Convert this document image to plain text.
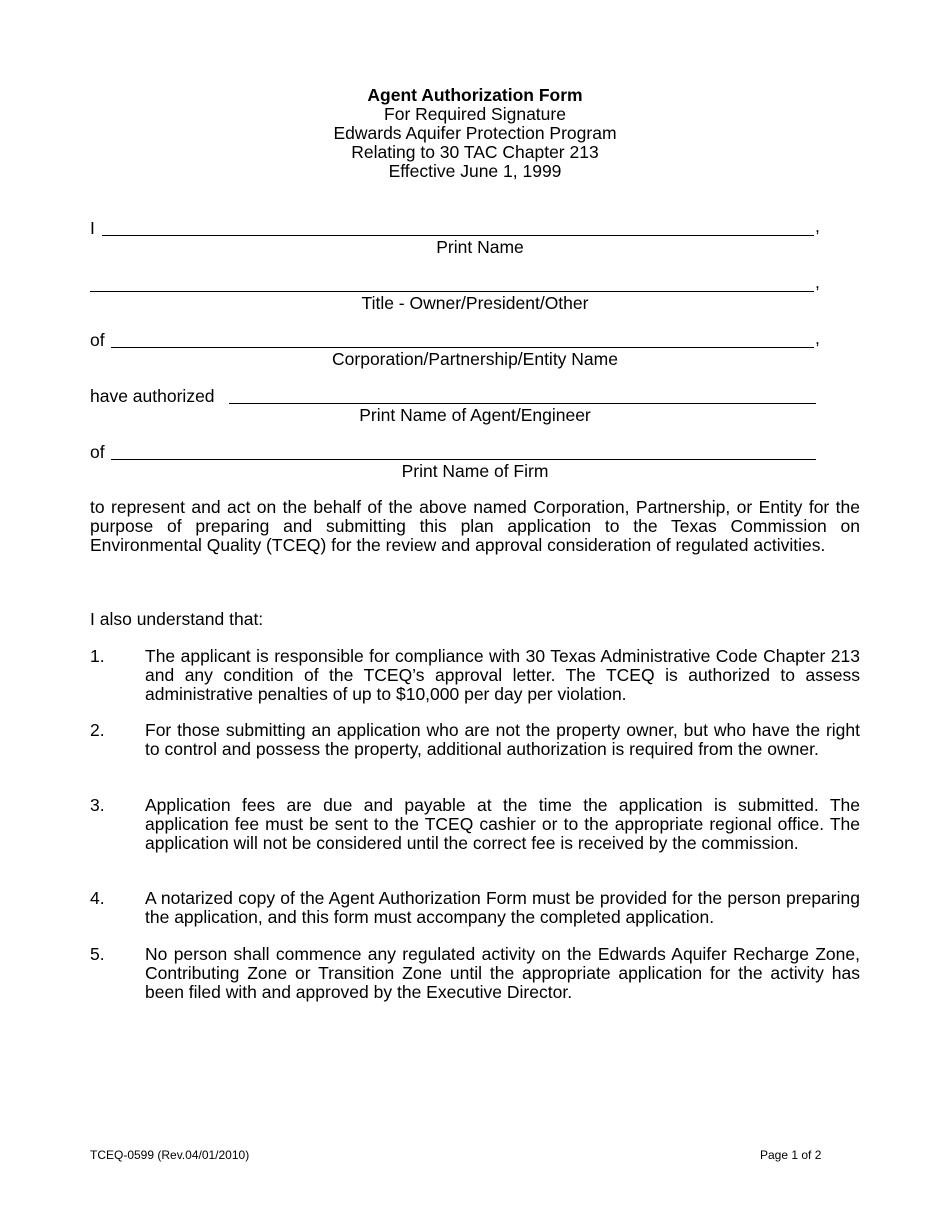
Agent Authorization Form
For Required Signature
Edwards Aquifer Protection Program
Relating to 30 TAC Chapter 213
Effective June 1, 1999
I	,
Print Name
,
Title - Owner/President/Other
of	,
Corporation/Partnership/Entity Name
have authorized
Print Name of Agent/Engineer
of
Print Name of Firm

to represent and act on the behalf of the above named Corporation, Partnership, or Entity for the purpose of preparing and submitting this plan application to the Texas Commission on Environmental Quality (TCEQ) for the review and approval consideration of regulated activities.

I also understand that:

1. The applicant is responsible for compliance with 30 Texas Administrative Code Chapter 213 and any condition of the TCEQ’s approval letter. The TCEQ is authorized to assess administrative penalties of up to $10,000 per day per violation.
2. For those submitting an application who are not the property owner, but who have the right to control and possess the property, additional authorization is required from the owner.
3. Application fees are due and payable at the time the application is submitted. The application fee must be sent to the TCEQ cashier or to the appropriate regional office. The application will not be considered until the correct fee is received by the commission.
4. A notarized copy of the Agent Authorization Form must be provided for the person preparing the application, and this form must accompany the completed application.
5. No person shall commence any regulated activity on the Edwards Aquifer Recharge Zone, Contributing Zone or Transition Zone until the appropriate application for the activity has been filed with and approved by the Executive Director.
TCEQ-0599 (Rev.04/01/2010)	Page 1 of 2
